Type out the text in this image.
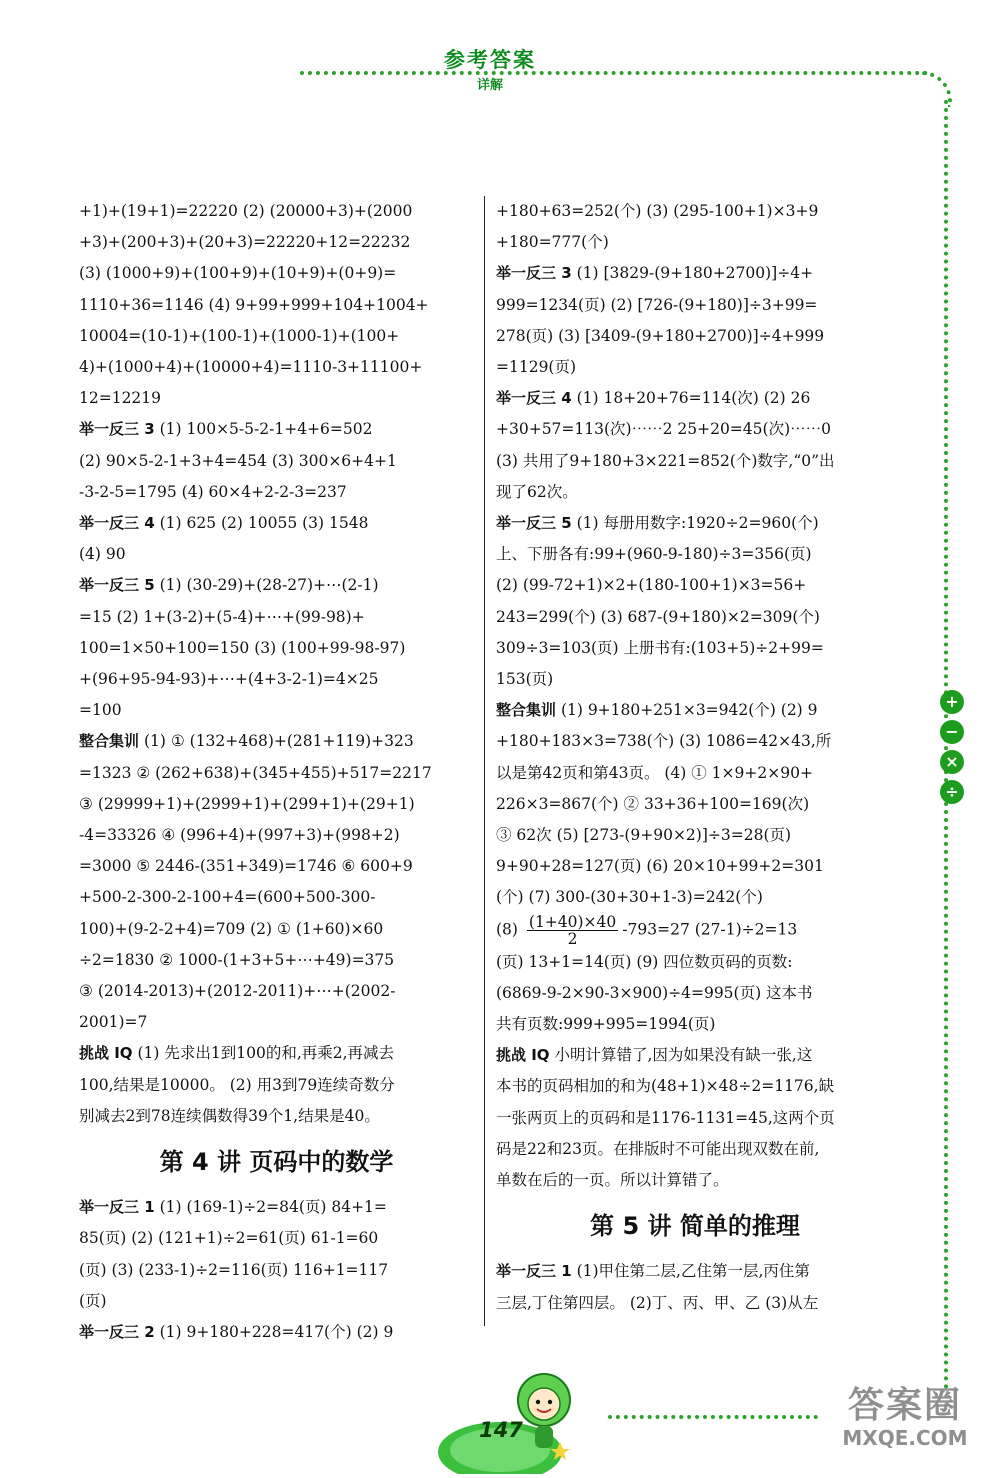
参考答案
详解

+1)+(19+1)=22220 (2) (20000+3)+(2000

+3)+(200+3)+(20+3)=22220+12=22232

(3) (1000+9)+(100+9)+(10+9)+(0+9)=

1110+36=1146 (4) 9+99+999+104+1004+

10004=(10-1)+(100-1)+(1000-1)+(100+

4)+(1000+4)+(10000+4)=1110-3+11100+

12=12219

举一反三 3 (1) 100×5-5-2-1+4+6=502

(2) 90×5-2-1+3+4=454 (3) 300×6+4+1

-3-2-5=1795 (4) 60×4+2-2-3=237

举一反三 4 (1) 625 (2) 10055 (3) 1548

(4) 90

举一反三 5 (1) (30-29)+(28-27)+⋯(2-1)

=15 (2) 1+(3-2)+(5-4)+⋯+(99-98)+

100=1×50+100=150 (3) (100+99-98-97)

+(96+95-94-93)+⋯+(4+3-2-1)=4×25

=100

整合集训 (1) ① (132+468)+(281+119)+323

=1323 ② (262+638)+(345+455)+517=2217

③ (29999+1)+(2999+1)+(299+1)+(29+1)

-4=33326 ④ (996+4)+(997+3)+(998+2)

=3000 ⑤ 2446-(351+349)=1746 ⑥ 600+9

+500-2-300-2-100+4=(600+500-300-

100)+(9-2-2+4)=709 (2) ① (1+60)×60

÷2=1830 ② 1000-(1+3+5+⋯+49)=375

③ (2014-2013)+(2012-2011)+⋯+(2002-

2001)=7

挑战 IQ (1) 先求出1到100的和,再乘2,再减去

100,结果是10000。 (2) 用3到79连续奇数分

别减去2到78连续偶数得39个1,结果是40。

第 4 讲 页码中的数学

举一反三 1 (1) (169-1)÷2=84(页) 84+1=

85(页) (2) (121+1)÷2=61(页) 61-1=60

(页) (3) (233-1)÷2=116(页) 116+1=117

(页)

举一反三 2 (1) 9+180+228=417(个) (2) 9

+180+63=252(个) (3) (295-100+1)×3+9

+180=777(个)

举一反三 3 (1) [3829-(9+180+2700)]÷4+

999=1234(页) (2) [726-(9+180)]÷3+99=

278(页) (3) [3409-(9+180+2700)]÷4+999

=1129(页)

举一反三 4 (1) 18+20+76=114(次) (2) 26

+30+57=113(次)⋯⋯2 25+20=45(次)⋯⋯0

(3) 共用了9+180+3×221=852(个)数字,“0”出

现了62次。

举一反三 5 (1) 每册用数字:1920÷2=960(个)

上、下册各有:99+(960-9-180)÷3=356(页)

(2) (99-72+1)×2+(180-100+1)×3=56+

243=299(个) (3) 687-(9+180)×2=309(个)

309÷3=103(页) 上册书有:(103+5)÷2+99=

153(页)

整合集训 (1) 9+180+251×3=942(个) (2) 9

+180+183×3=738(个) (3) 1086=42×43,所

以是第42页和第43页。 (4) ① 1×9+2×90+

226×3=867(个) ② 33+36+100=169(次)

③ 62次 (5) [273-(9+90×2)]÷3=28(页)

9+90+28=127(页) (6) 20×10+99+2=301

(个) (7) 300-(30+30+1-3)=242(个)

$(8) \frac{(1+40)\times 40}{2} -793=27$ (27-1)÷2=13

(页) 13+1=14(页) (9) 四位数页码的页数:

(6869-9-2×90-3×900)÷4=995(页) 这本书

共有页数:999+995=1994(页)

挑战 IQ 小明计算错了,因为如果没有缺一张,这

本书的页码相加的和为(48+1)×48÷2=1176,缺

一张两页上的页码和是1176-1131=45,这两个页

码是22和23页。在排版时不可能出现双数在前,

单数在后的一页。所以计算错了。

第 5 讲 简单的推理

举一反三 1 (1)甲住第二层,乙住第一层,丙住第

三层,丁住第四层。 (2)丁、丙、甲、乙 (3)从左

+
−
×
÷
147
答案圈
MXQE.COM
